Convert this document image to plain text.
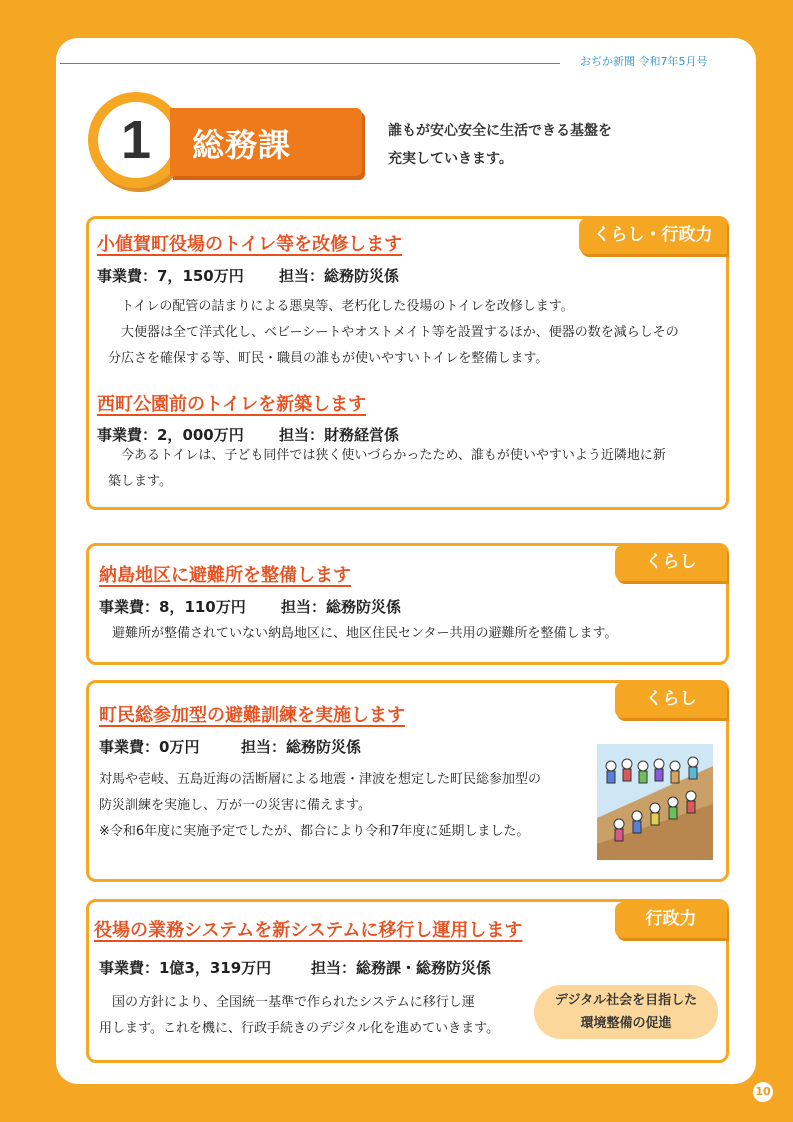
おぢか新聞 令和7年5月号
1	総務課	誰もが安心安全に生活できる基盤を
充実していきます。
くらし・行政力
小値賀町役場のトイレ等を改修します
事業費：7，150万円 担当：総務防災係
　トイレの配管の詰まりによる悪臭等、老朽化した役場のトイレを改修します。
　大便器は全て洋式化し、ベビーシートやオストメイト等を設置するほか、便器の数を減らしその
分広さを確保する等、町民・職員の誰もが使いやすいトイレを整備します。
西町公園前のトイレを新築します
事業費：2，000万円 担当：財務経営係
　今あるトイレは、子ども同伴では狭く使いづらかったため、誰もが使いやすいよう近隣地に新
築します。
くらし
納島地区に避難所を整備します
事業費：8，110万円 担当：総務防災係
避難所が整備されていない納島地区に、地区住民センター共用の避難所を整備します。
くらし
町民総参加型の避難訓練を実施します
事業費：0万円	担当：総務防災係
対馬や壱岐、五島近海の活断層による地震・津波を想定した町民総参加型の
防災訓練を実施し、万が一の災害に備えます。
※令和6年度に実施予定でしたが、都合により令和7年度に延期しました。
行政力
役場の業務システムを新システムに移行し運用します
事業費：1億3，319万円	担当：総務課・総務防災係
　国の方針により、全国統一基準で作られたシステムに移行し運
用します。これを機に、行政手続きのデジタル化を進めていきます。
デジタル社会を目指した
環境整備の促進
10
